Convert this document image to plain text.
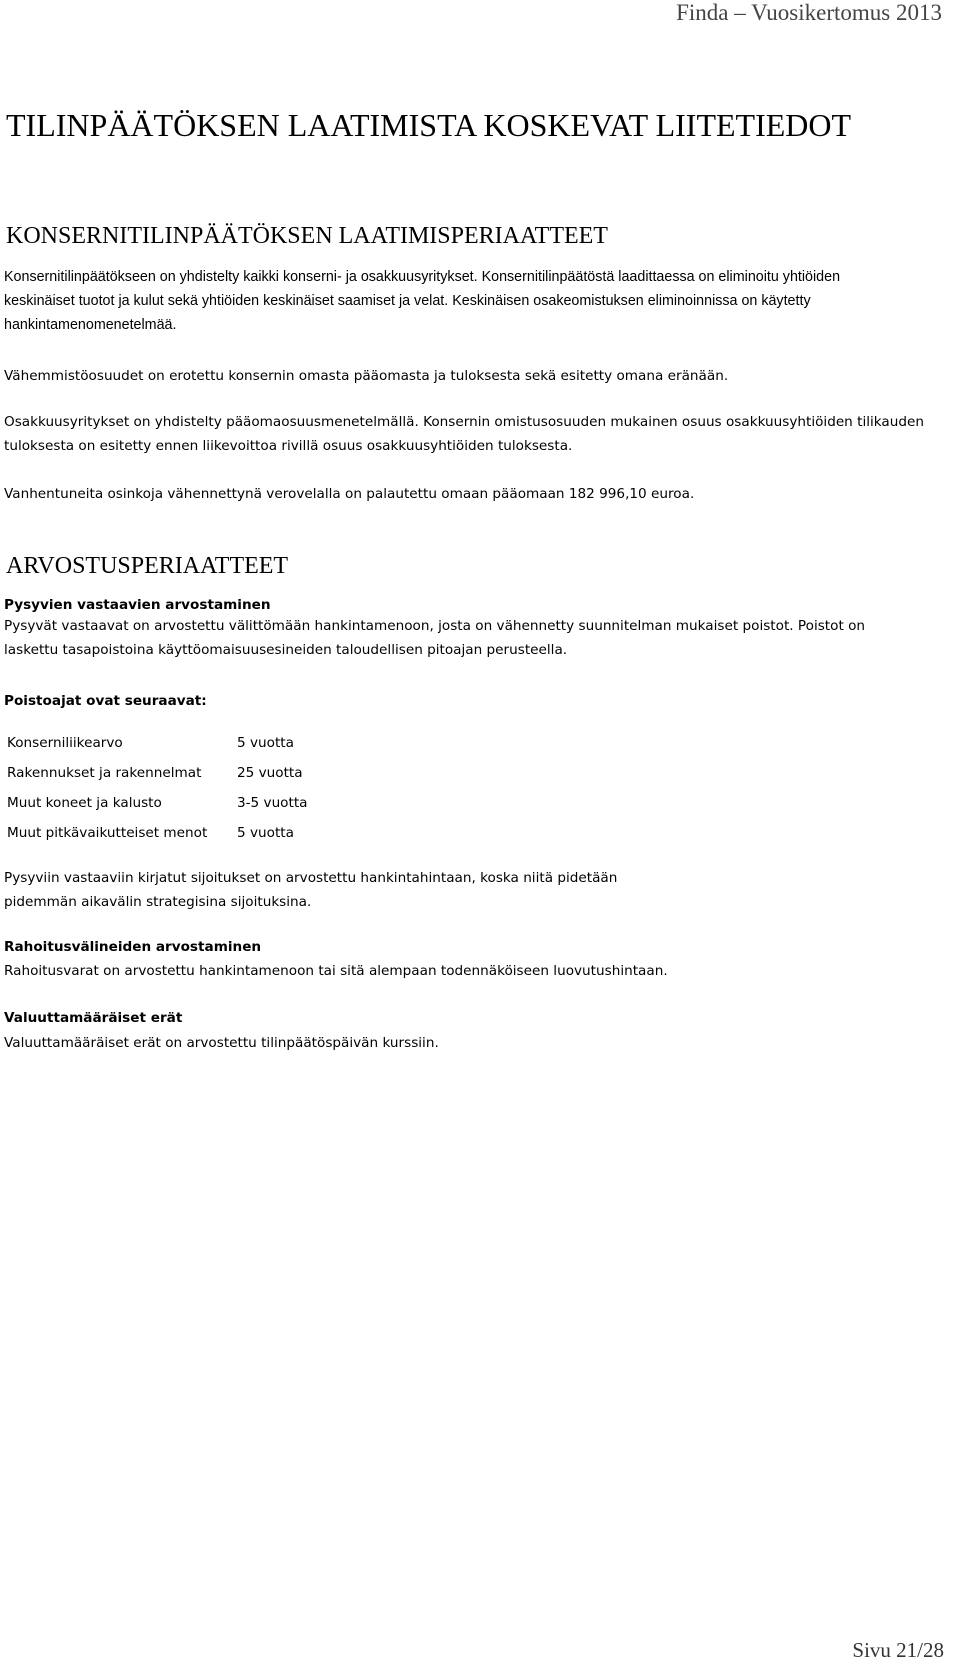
Finda – Vuosikertomus 2013
TILINPÄÄTÖKSEN LAATIMISTA KOSKEVAT LIITETIEDOT
KONSERNITILINPÄÄTÖKSEN LAATIMISPERIAATTEET

Konsernitilinpäätökseen on yhdistelty kaikki konserni- ja osakkuusyritykset. Konsernitilinpäätöstä laadittaessa on eliminoitu yhtiöiden
keskinäiset tuotot ja kulut sekä yhtiöiden keskinäiset saamiset ja velat. Keskinäisen osakeomistuksen eliminoinnissa on käytetty
hankintamenomenetelmää.

Vähemmistöosuudet on erotettu konsernin omasta pääomasta ja tuloksesta sekä esitetty omana eränään.

Osakkuusyritykset on yhdistelty pääomaosuusmenetelmällä. Konsernin omistusosuuden mukainen osuus osakkuusyhtiöiden tilikauden
tuloksesta on esitetty ennen liikevoittoa rivillä osuus osakkuusyhtiöiden tuloksesta.

Vanhentuneita osinkoja vähennettynä verovelalla on palautettu omaan pääomaan 182 996,10 euroa.

ARVOSTUSPERIAATTEET
Pysyvien vastaavien arvostaminen

Pysyvät vastaavat on arvostettu välittömään hankintamenoon, josta on vähennetty suunnitelman mukaiset poistot. Poistot on
laskettu tasapoistoina käyttöomaisuusesineiden taloudellisen pitoajan perusteella.

Poistoajat ovat seuraavat:
Konserniliikearvo	5 vuotta
Rakennukset ja rakennelmat	25 vuotta
Muut koneet ja kalusto	3-5 vuotta
Muut pitkävaikutteiset menot 5 vuotta

Pysyviin vastaaviin kirjatut sijoitukset on arvostettu hankintahintaan, koska niitä pidetään
pidemmän aikavälin strategisina sijoituksina.

Rahoitusvälineiden arvostaminen

Rahoitusvarat on arvostettu hankintamenoon tai sitä alempaan todennäköiseen luovutushintaan.

Valuuttamääräiset erät

Valuuttamääräiset erät on arvostettu tilinpäätöspäivän kurssiin.

Sivu 21/28
